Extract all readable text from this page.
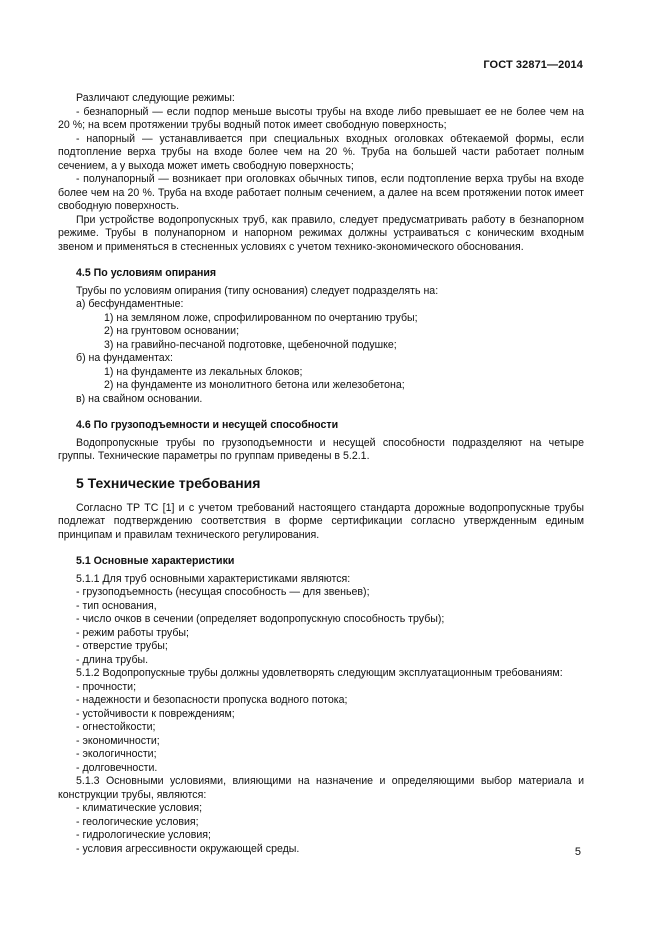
ГОСТ 32871—2014

Различают следующие режимы:

- безнапорный — если подпор меньше высоты трубы на входе либо превышает ее не более чем на 20 %; на всем протяжении трубы водный поток имеет свободную поверхность;

- напорный — устанавливается при специальных входных оголовках обтекаемой формы, если подтопление верха трубы на входе более чем на 20 %. Труба на большей части работает полным сечением, а у выхода может иметь свободную поверхность;

- полунапорный — возникает при оголовках обычных типов, если подтопление верха трубы на входе более чем на 20 %. Труба на входе работает полным сечением, а далее на всем протяжении поток имеет свободную поверхность.

При устройстве водопропускных труб, как правило, следует предусматривать работу в безнапорном режиме. Трубы в полунапорном и напорном режимах должны устраиваться с коническим входным звеном и применяться в стесненных условиях с учетом технико-экономического обоснования.

4.5 По условиям опирания

Трубы по условиям опирания (типу основания) следует подразделять на:

а) бесфундаментные:

1) на земляном ложе, спрофилированном по очертанию трубы;

2) на грунтовом основании;

3) на гравийно-песчаной подготовке, щебеночной подушке;

б) на фундаментах:

1) на фундаменте из лекальных блоков;

2) на фундаменте из монолитного бетона или железобетона;

в) на свайном основании.

4.6 По грузоподъемности и несущей способности

Водопропускные трубы по грузоподъемности и несущей способности подразделяют на четыре группы. Технические параметры по группам приведены в 5.2.1.

5 Технические требования

Согласно ТР ТС [1] и с учетом требований настоящего стандарта дорожные водопропускные трубы подлежат подтверждению соответствия в форме сертификации согласно утвержденным единым принципам и правилам технического регулирования.

5.1 Основные характеристики

5.1.1 Для труб основными характеристиками являются:

- грузоподъемность (несущая способность — для звеньев);

- тип основания,

- число очков в сечении (определяет водопропускную способность трубы);

- режим работы трубы;

- отверстие трубы;

- длина трубы.

5.1.2 Водопропускные трубы должны удовлетворять следующим эксплуатационным требованиям:

- прочности;

- надежности и безопасности пропуска водного потока;

- устойчивости к повреждениям;

- огнестойкости;

- экономичности;

- экологичности;

- долговечности.

5.1.3 Основными условиями, влияющими на назначение и определяющими выбор материала и конструкции трубы, являются:

- климатические условия;

- геологические условия;

- гидрологические условия;

- условия агрессивности окружающей среды.	5
